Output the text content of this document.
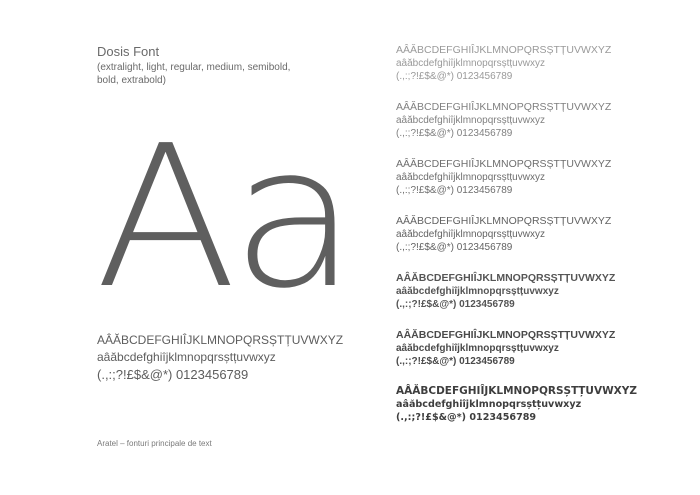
Dosis Font
(extralight, light, regular, medium, semibold, bold, extrabold)
Aa
AÂĂBCDEFGHIÎJKLMNOPQRSȘTȚUVWXYZ
aâăbcdefghiîjklmnopqrsștțuvwxyz
(.,:;?!£$&@*) 0123456789
Aratel – fonturi principale de text
AÂĂBCDEFGHIÎJKLMNOPQRSȘTȚUVWXYZ
aâăbcdefghiîjklmnopqrsștțuvwxyz
(.,:;?!£$&@*) 0123456789
AÂĂBCDEFGHIÎJKLMNOPQRSȘTȚUVWXYZ
aâăbcdefghiîjklmnopqrsștțuvwxyz
(.,:;?!£$&@*) 0123456789
AÂĂBCDEFGHIÎJKLMNOPQRSȘTȚUVWXYZ
aâăbcdefghiîjklmnopqrsștțuvwxyz
(.,:;?!£$&@*) 0123456789
AÂĂBCDEFGHIÎJKLMNOPQRSȘTȚUVWXYZ
aâăbcdefghiîjklmnopqrsștțuvwxyz
(.,:;?!£$&@*) 0123456789
AÂĂBCDEFGHIÎJKLMNOPQRSȘTȚUVWXYZ
aâăbcdefghiîjklmnopqrsștțuvwxyz
(.,:;?!£$&@*) 0123456789
AÂĂBCDEFGHIÎJKLMNOPQRSȘTȚUVWXYZ
aâăbcdefghiîjklmnopqrsștțuvwxyz
(.,:;?!£$&@*) 0123456789
AÂĂBCDEFGHIÎJKLMNOPQRSȘTȚUVWXYZ
aâăbcdefghiîjklmnopqrsștțuvwxyz
(.,:;?!£$&@*) 0123456789
